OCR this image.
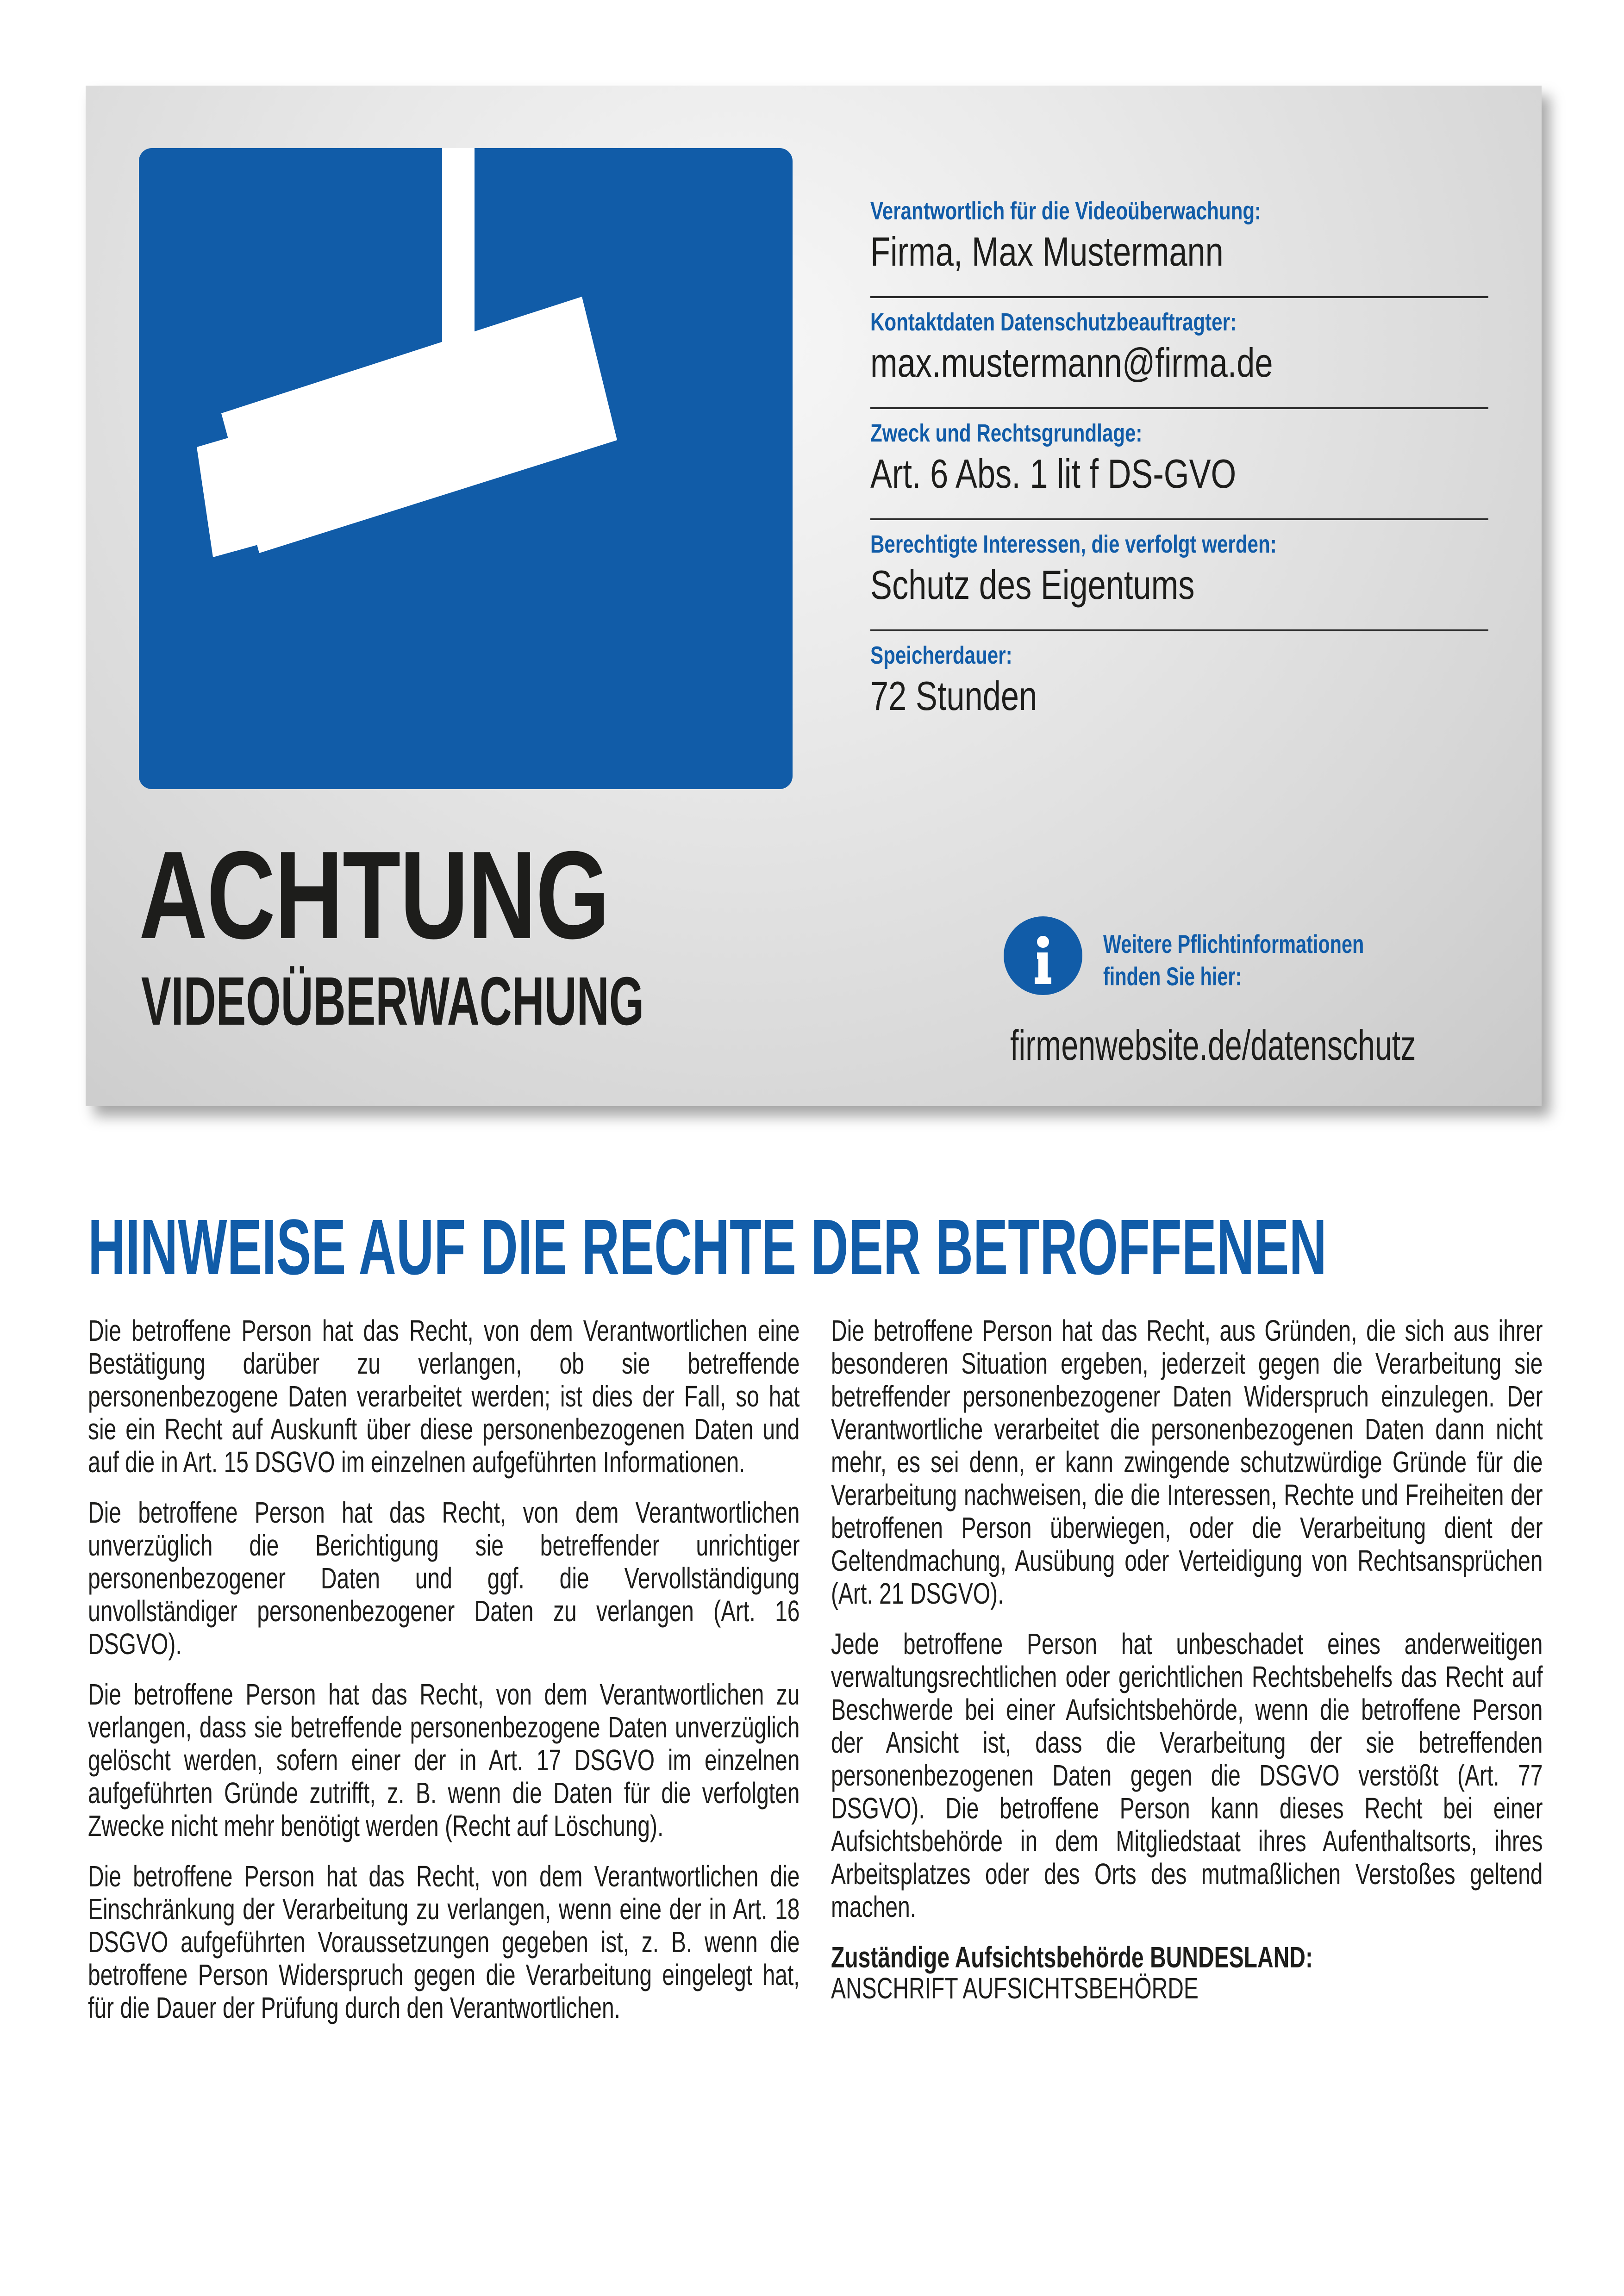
Verantwortlich für die Videoüberwachung:
Firma, Max Mustermann
Kontaktdaten Datenschutzbeauftragter:
max.mustermann@firma.de
Zweck und Rechtsgrundlage:
Art. 6 Abs. 1 lit f DS-GVO
Berechtigte Interessen, die verfolgt werden:
Schutz des Eigentums
Speicherdauer:
72 Stunden
ACHTUNG
VIDEOÜBERWACHUNG
Weitere Pflichtinformationen
finden Sie hier:
firmenwebsite.de/datenschutz
HINWEISE AUF DIE RECHTE DER BETROFFENEN

Die betroffene Person hat das Recht, von dem Verantwortlichen eine Bestätigung darüber zu verlangen, ob sie betreffende personenbezogene Daten verarbeitet werden; ist dies der Fall, so hat sie ein Recht auf Auskunft über diese personenbezogenen Daten und auf die in Art. 15 DSGVO im einzelnen aufgeführten Informationen.

Die betroffene Person hat das Recht, von dem Verantwortlichen unverzüglich die Berichtigung sie betreffender unrichtiger personenbezogener Daten und ggf. die Vervollständigung unvollständiger personenbezogener Daten zu verlangen (Art. 16 DSGVO).

Die betroffene Person hat das Recht, von dem Verantwortlichen zu verlangen, dass sie betreffende personenbezogene Daten unverzüglich gelöscht werden, sofern einer der in Art. 17 DSGVO im einzelnen aufgeführten Gründe zutrifft, z. B. wenn die Daten für die verfolgten Zwecke nicht mehr benötigt werden (Recht auf Löschung).

Die betroffene Person hat das Recht, von dem Verantwortlichen die Einschränkung der Verarbeitung zu verlangen, wenn eine der in Art. 18 DSGVO aufgeführten Voraussetzungen gegeben ist, z. B. wenn die betroffene Person Widerspruch gegen die Verarbeitung eingelegt hat, für die Dauer der Prüfung durch den Verantwortlichen.

Die betroffene Person hat das Recht, aus Gründen, die sich aus ihrer besonderen Situation ergeben, jederzeit gegen die Verarbeitung sie betreffender personenbezogener Daten Widerspruch einzulegen. Der Verantwortliche verarbeitet die personenbezogenen Daten dann nicht mehr, es sei denn, er kann zwingende schutzwürdige Gründe für die Verarbeitung nachweisen, die die Interessen, Rechte und Freiheiten der betroffenen Person überwiegen, oder die Verarbeitung dient der Geltendmachung, Ausübung oder Verteidigung von Rechtsansprüchen (Art. 21 DSGVO).

Jede betroffene Person hat unbeschadet eines anderweitigen verwaltungsrechtlichen oder gerichtlichen Rechtsbehelfs das Recht auf Beschwerde bei einer Aufsichtsbehörde, wenn die betroffene Person der Ansicht ist, dass die Verarbeitung der sie betreffenden personenbezogenen Daten gegen die DSGVO verstößt (Art. 77 DSGVO). Die betroffene Person kann dieses Recht bei einer Aufsichtsbehörde in dem Mitgliedstaat ihres Aufenthaltsorts, ihres Arbeitsplatzes oder des Orts des mutmaßlichen Verstoßes geltend machen.

Zuständige Aufsichtsbehörde BUNDESLAND:
ANSCHRIFT AUFSICHTSBEHÖRDE
